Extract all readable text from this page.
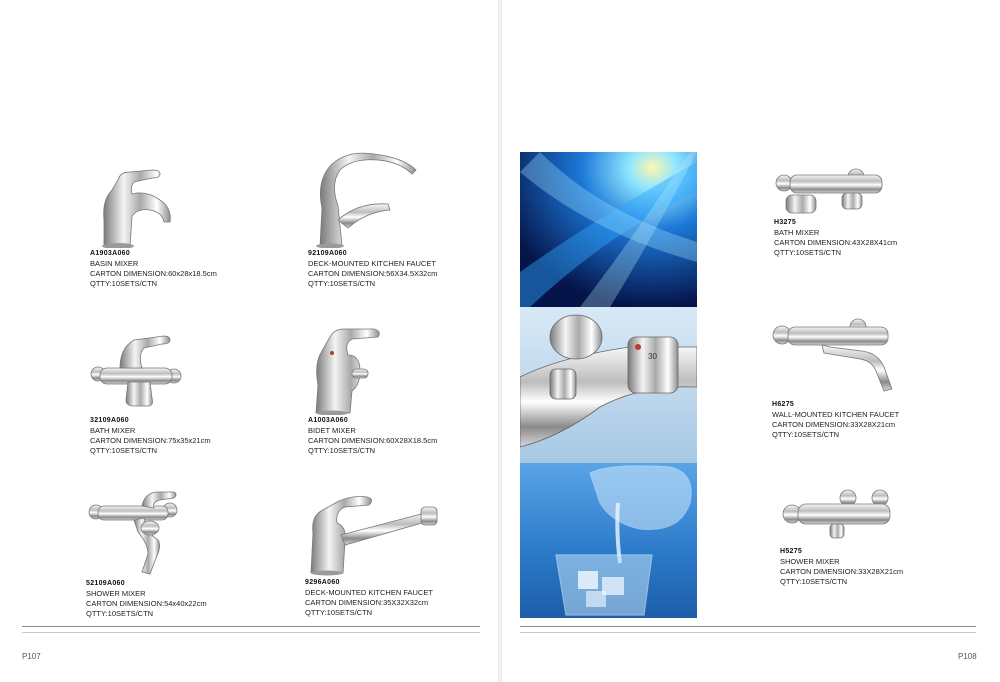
A1903A060
BASIN MIXER
CARTON DIMENSION:60x28x18.5cm
QTTY:10SETS/CTN
92109A060
DECK-MOUNTED KITCHEN FAUCET
CARTON DIMENSION:56X34.5X32cm
QTTY:10SETS/CTN
32109A060
BATH MIXER
CARTON DIMENSION:75x35x21cm
QTTY:10SETS/CTN
A1003A060
BIDET MIXER
CARTON DIMENSION:60X28X18.5cm
QTTY:10SETS/CTN
52109A060
SHOWER MIXER
CARTON DIMENSION:54x40x22cm
QTTY:10SETS/CTN
9296A060
DECK-MOUNTED KITCHEN FAUCET
CARTON DIMENSION:35X32X32cm
QTTY:10SETS/CTN
30
H3275
BATH MIXER
CARTON DIMENSION:43X28X41cm
QTTY:10SETS/CTN
H6275
WALL-MOUNTED KITCHEN FAUCET
CARTON DIMENSION:33X28X21cm
QTTY:10SETS/CTN
H5275
SHOWER MIXER
CARTON DIMENSION:33X28X21cm
QTTY:10SETS/CTN
P107	P108
